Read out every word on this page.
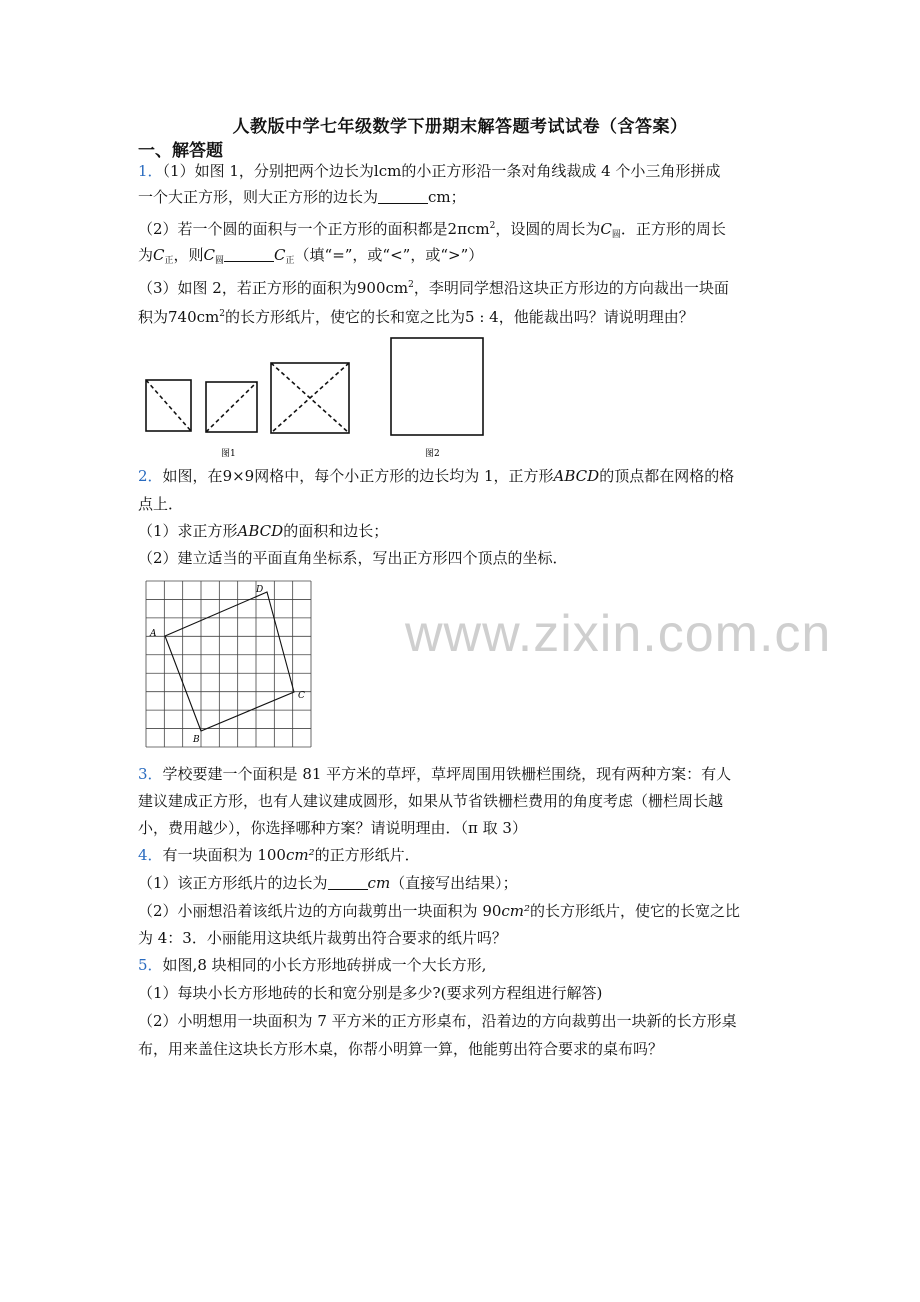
人教版中学七年级数学下册期末解答题考试试卷（含答案）
一、解答题
1．（1）如图 1，分别把两个边长为lcm的小正方形沿一条对角线裁成 4 个小三角形拼成
一个大正方形，则大正方形的边长为	cm；
（2）若一个圆的面积与一个正方形的面积都是2πcm$^2$，设圆的周长为$C_圆$．正方形的周长
为$C_正$，则$C_圆$	$C_正$（填“=”，或“<”，或“>”）
（3）如图 2，若正方形的面积为$900cm^2$，李明同学想沿这块正方形边的方向裁出一块面
积为$740cm^2$的长方形纸片，使它的长和宽之比为5 : 4，他能裁出吗？请说明理由？
图1	图2
2．如图，在9×9网格中，每个小正方形的边长均为 1，正方形ABCD的顶点都在网格的格
点上．
（1）求正方形ABCD的面积和边长；
（2）建立适当的平面直角坐标系，写出正方形四个顶点的坐标．
A
B
C
D
www.zixin.com.cn
3．学校要建一个面积是 81 平方米的草坪，草坪周围用铁栅栏围绕，现有两种方案：有人
建议建成正方形，也有人建议建成圆形，如果从节省铁栅栏费用的角度考虑（栅栏周长越
小，费用越少），你选择哪种方案？请说明理由．（π 取 3）
4．有一块面积为 100cm²的正方形纸片．
（1）该正方形纸片的边长为	cm（直接写出结果）；
（2）小丽想沿着该纸片边的方向裁剪出一块面积为 90cm²的长方形纸片，使它的长宽之比
为 4：3．小丽能用这块纸片裁剪出符合要求的纸片吗？
5．如图,8 块相同的小长方形地砖拼成一个大长方形,
（1）每块小长方形地砖的长和宽分别是多少?(要求列方程组进行解答)
（2）小明想用一块面积为 7 平方米的正方形桌布，沿着边的方向裁剪出一块新的长方形桌
布，用来盖住这块长方形木桌，你帮小明算一算，他能剪出符合要求的桌布吗？
